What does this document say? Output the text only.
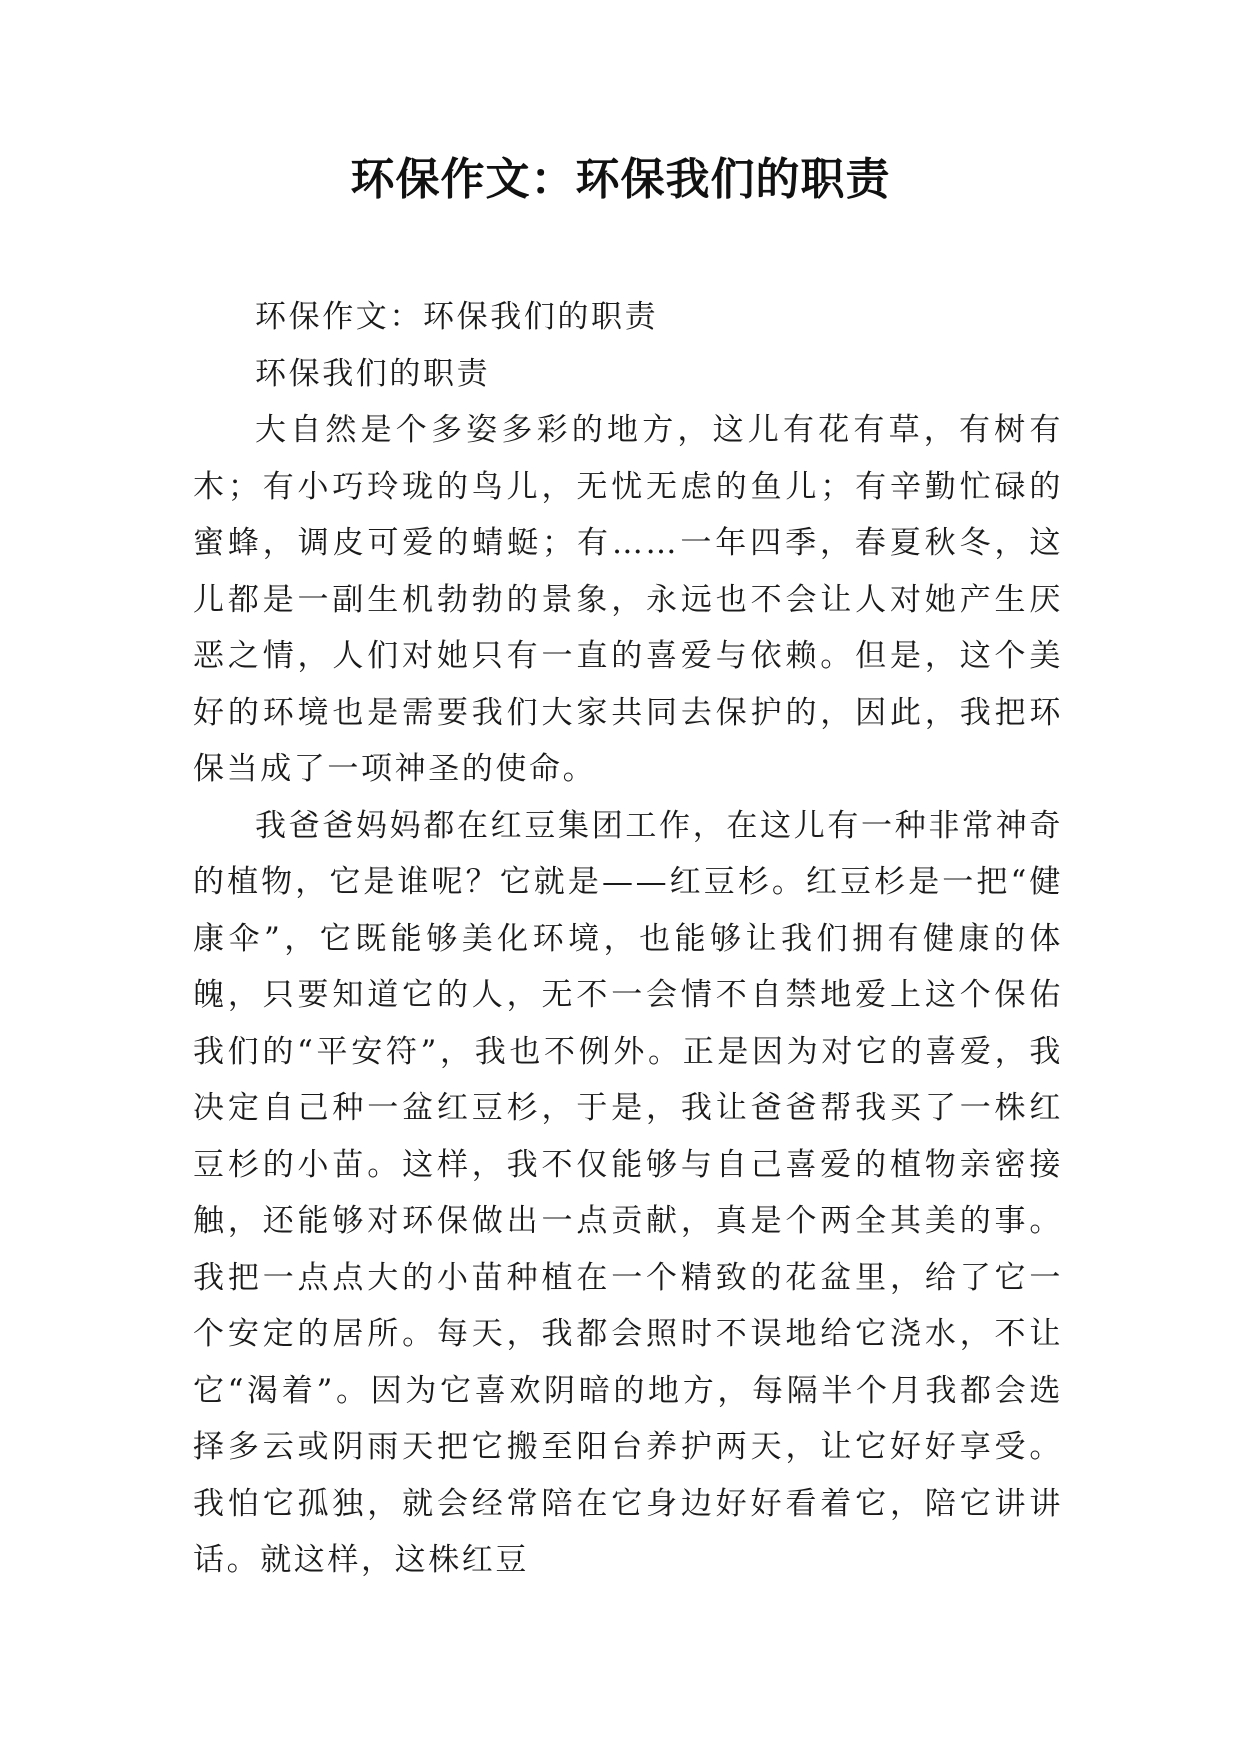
环保作文：环保我们的职责

环保作文：环保我们的职责

环保我们的职责

大自然是个多姿多彩的地方，这儿有花有草，有树有木；有小巧玲珑的鸟儿，无忧无虑的鱼儿；有辛勤忙碌的蜜蜂，调皮可爱的蜻蜓；有……一年四季，春夏秋冬，这儿都是一副生机勃勃的景象，永远也不会让人对她产生厌恶之情，人们对她只有一直的喜爱与依赖。但是，这个美好的环境也是需要我们大家共同去保护的，因此，我把环保当成了一项神圣的使命。

我爸爸妈妈都在红豆集团工作，在这儿有一种非常神奇的植物，它是谁呢？它就是——红豆杉。红豆杉是一把“健康伞”，它既能够美化环境，也能够让我们拥有健康的体魄，只要知道它的人，无不一会情不自禁地爱上这个保佑我们的“平安符”，我也不例外。正是因为对它的喜爱，我决定自己种一盆红豆杉，于是，我让爸爸帮我买了一株红豆杉的小苗。这样，我不仅能够与自己喜爱的植物亲密接触，还能够对环保做出一点贡献，真是个两全其美的事。我把一点点大的小苗种植在一个精致的花盆里，给了它一个安定的居所。每天，我都会照时不误地给它浇水，不让它“渴着”。因为它喜欢阴暗的地方，每隔半个月我都会选择多云或阴雨天把它搬至阳台养护两天，让它好好享受。我怕它孤独，就会经常陪在它身边好好看着它，陪它讲讲话。就这样，这株红豆
